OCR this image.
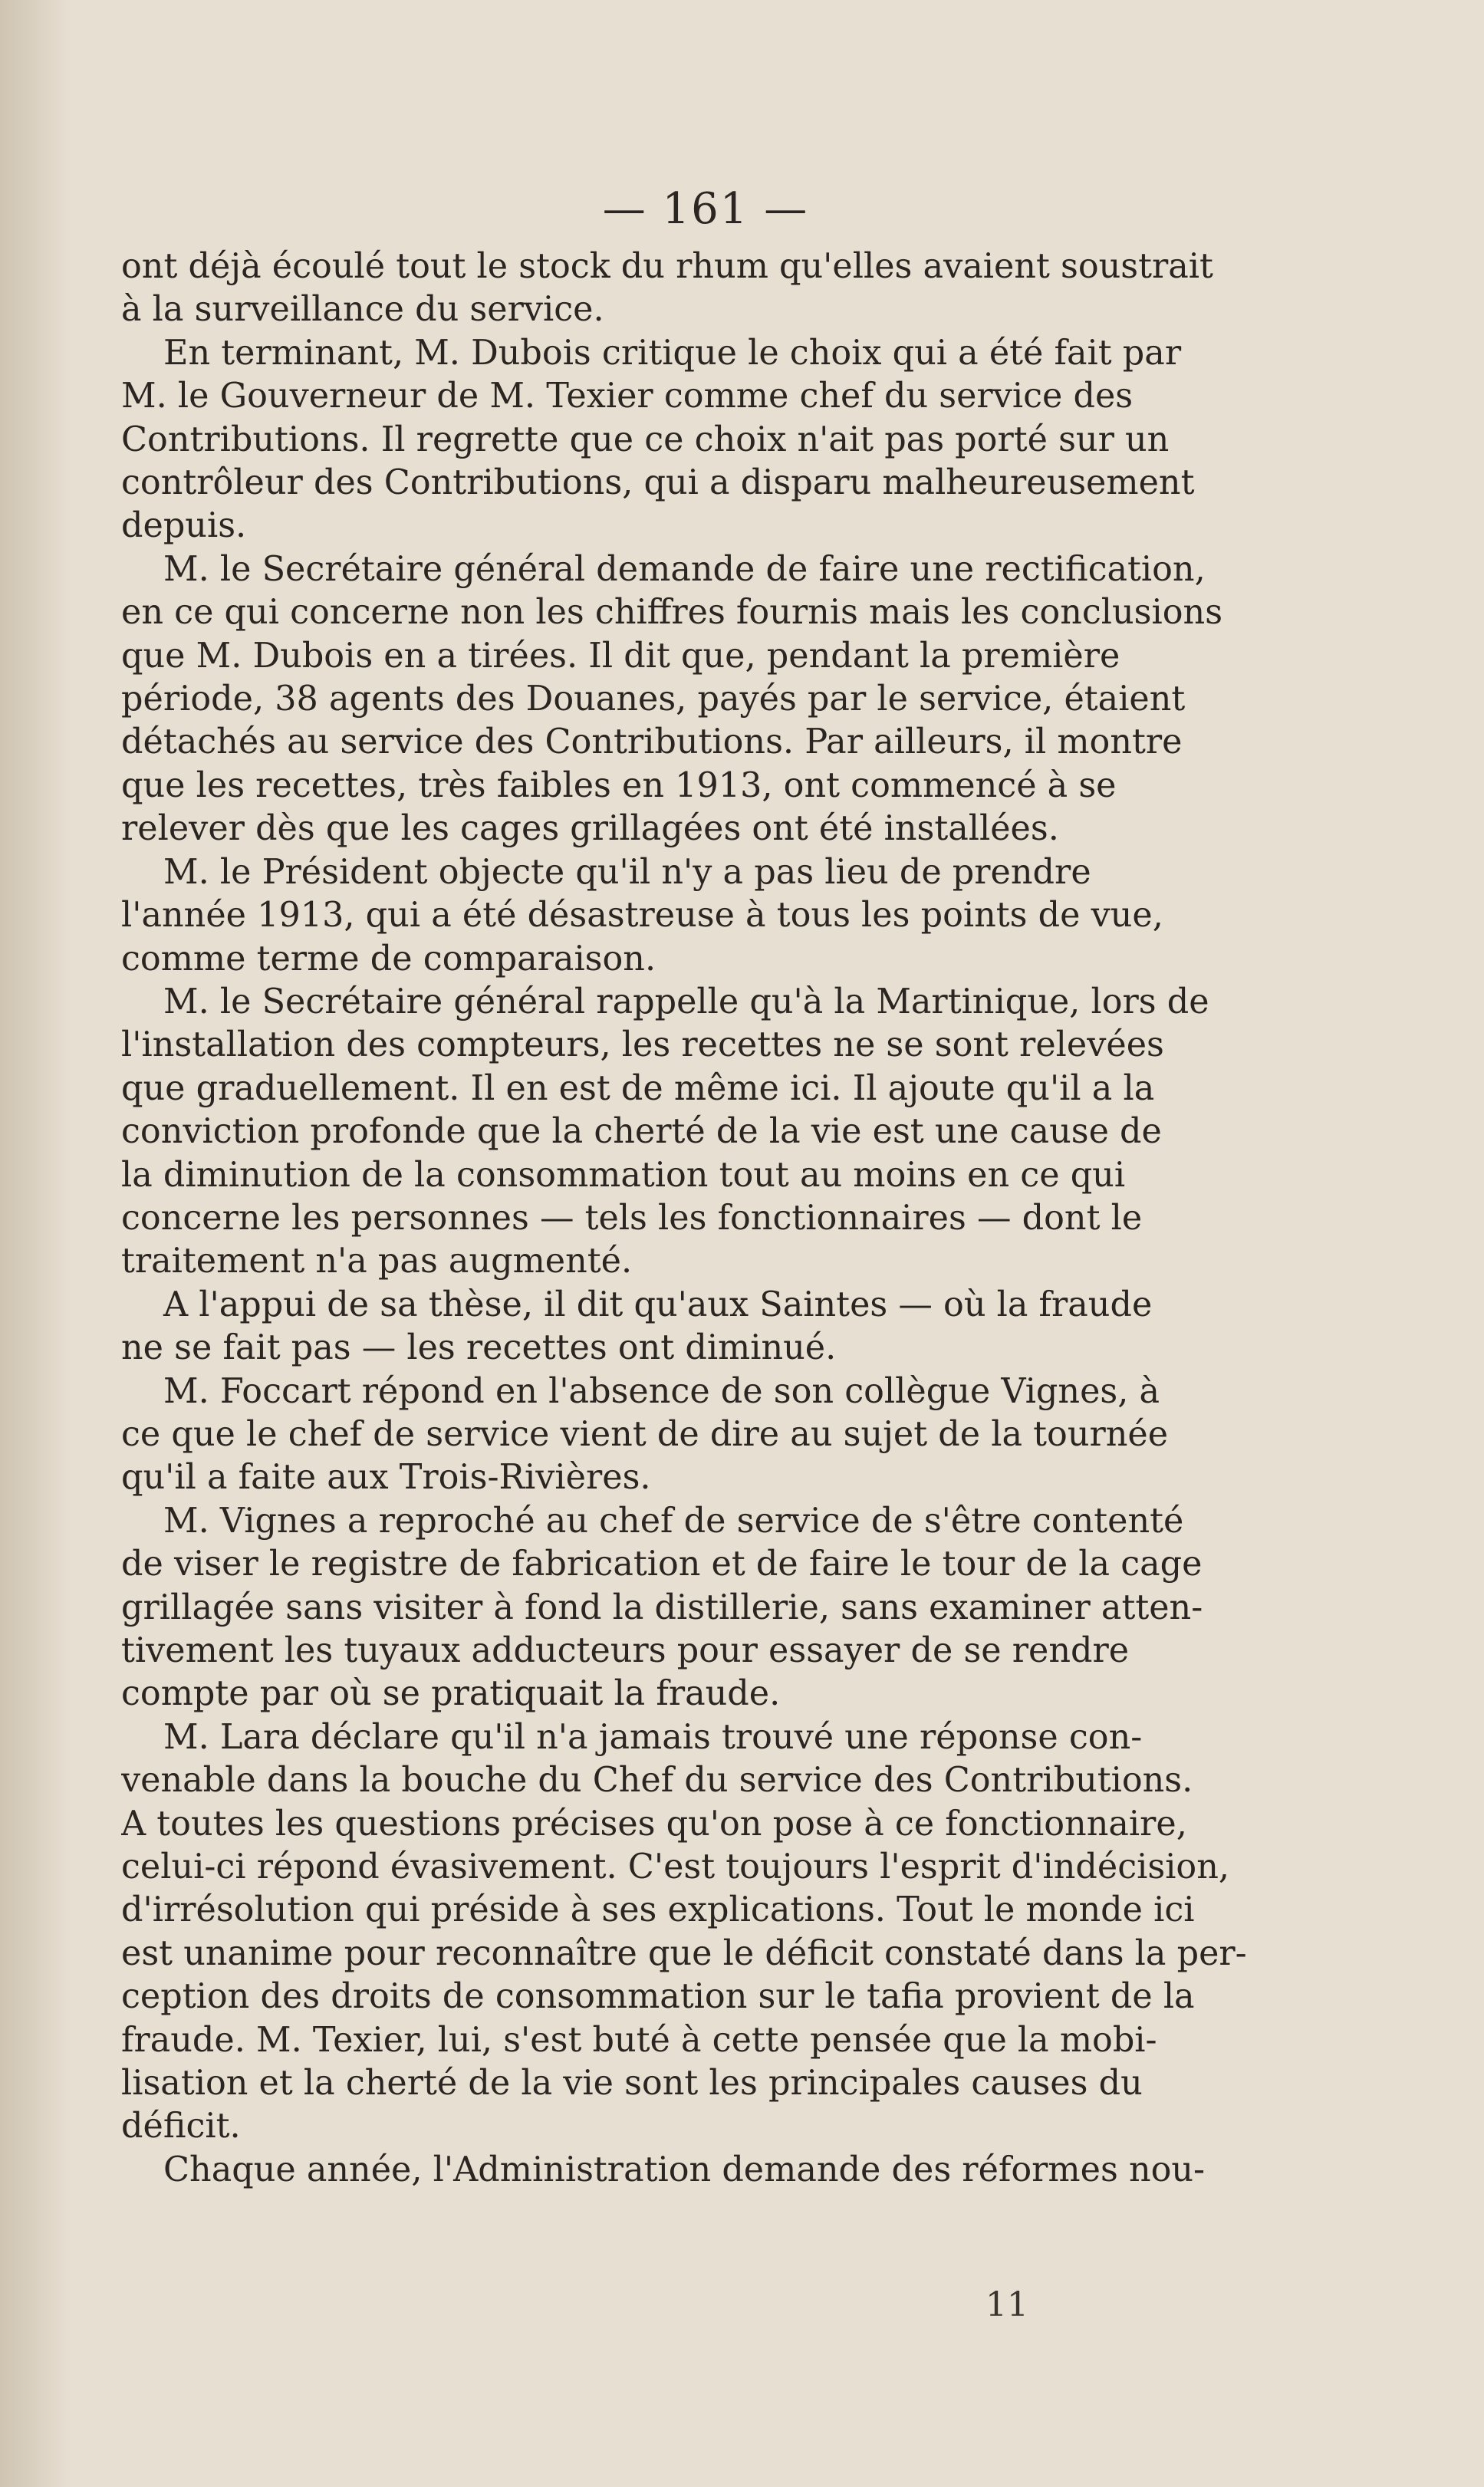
— 161 —
ont déjà écoulé tout le stock du rhum qu'elles avaient soustrait
à la surveillance du service.
En terminant, M. Dubois critique le choix qui a été fait par
M. le Gouverneur de M. Texier comme chef du service des
Contributions. Il regrette que ce choix n'ait pas porté sur un
contrôleur des Contributions, qui a disparu malheureusement
depuis.
M. le Secrétaire général demande de faire une rectification,
en ce qui concerne non les chiffres fournis mais les conclusions
que M. Dubois en a tirées. Il dit que, pendant la première
période, 38 agents des Douanes, payés par le service, étaient
détachés au service des Contributions. Par ailleurs, il montre
que les recettes, très faibles en 1913, ont commencé à se
relever dès que les cages grillagées ont été installées.
M. le Président objecte qu'il n'y a pas lieu de prendre
l'année 1913, qui a été désastreuse à tous les points de vue,
comme terme de comparaison.
M. le Secrétaire général rappelle qu'à la Martinique, lors de
l'installation des compteurs, les recettes ne se sont relevées
que graduellement. Il en est de même ici. Il ajoute qu'il a la
conviction profonde que la cherté de la vie est une cause de
la diminution de la consommation tout au moins en ce qui
concerne les personnes — tels les fonctionnaires — dont le
traitement n'a pas augmenté.
A l'appui de sa thèse, il dit qu'aux Saintes — où la fraude
ne se fait pas — les recettes ont diminué.
M. Foccart répond en l'absence de son collègue Vignes, à
ce que le chef de service vient de dire au sujet de la tournée
qu'il a faite aux Trois-Rivières.
M. Vignes a reproché au chef de service de s'être contenté
de viser le registre de fabrication et de faire le tour de la cage
grillagée sans visiter à fond la distillerie, sans examiner atten-
tivement les tuyaux adducteurs pour essayer de se rendre
compte par où se pratiquait la fraude.
M. Lara déclare qu'il n'a jamais trouvé une réponse con-
venable dans la bouche du Chef du service des Contributions.
A toutes les questions précises qu'on pose à ce fonctionnaire,
celui-ci répond évasivement. C'est toujours l'esprit d'indécision,
d'irrésolution qui préside à ses explications. Tout le monde ici
est unanime pour reconnaître que le déficit constaté dans la per-
ception des droits de consommation sur le tafia provient de la
fraude. M. Texier, lui, s'est buté à cette pensée que la mobi-
lisation et la cherté de la vie sont les principales causes du
déficit.
Chaque année, l'Administration demande des réformes nou-
11
